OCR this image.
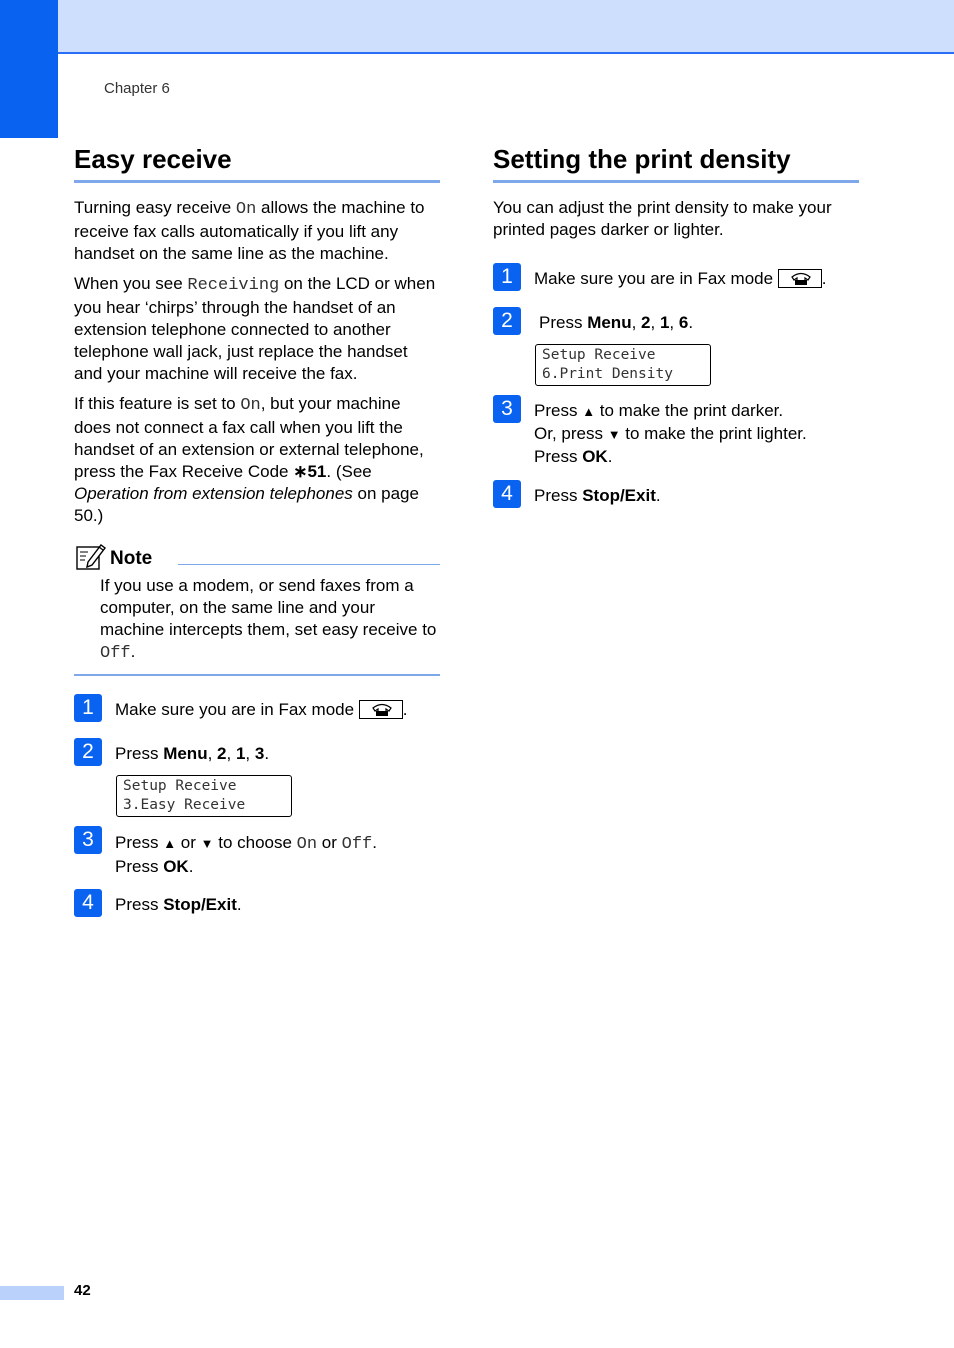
Chapter 6
Easy receive

Turning easy receive On allows the machine to receive fax calls automatically if you lift any handset on the same line as the machine.

When you see Receiving on the LCD or when you hear ‘chirps’ through the handset of an extension telephone connected to another telephone wall jack, just replace the handset and your machine will receive the fax.

If this feature is set to On, but your machine does not connect a fax call when you lift the handset of an extension or external telephone, press the Fax Receive Code ∗51. (See Operation from extension telephones on page 50.)

Note

If you use a modem, or send faxes from a computer, on the same line and your machine intercepts them, set easy receive to Off.

1	Make sure you are in Fax mode	.

2	Press Menu, 2, 1, 3.

Setup Receive
3.Easy Receive
3	Press ▲ or ▼ to choose On or Off.
Press OK.

4	Press Stop/Exit.

Setting the print density

You can adjust the print density to make your printed pages darker or lighter.

1	Make sure you are in Fax mode	.

2	Press Menu, 2, 1, 6.

Setup Receive
6.Print Density
3	Press ▲ to make the print darker.
Or, press ▼ to make the print lighter.
Press OK.

4	Press Stop/Exit.

42
